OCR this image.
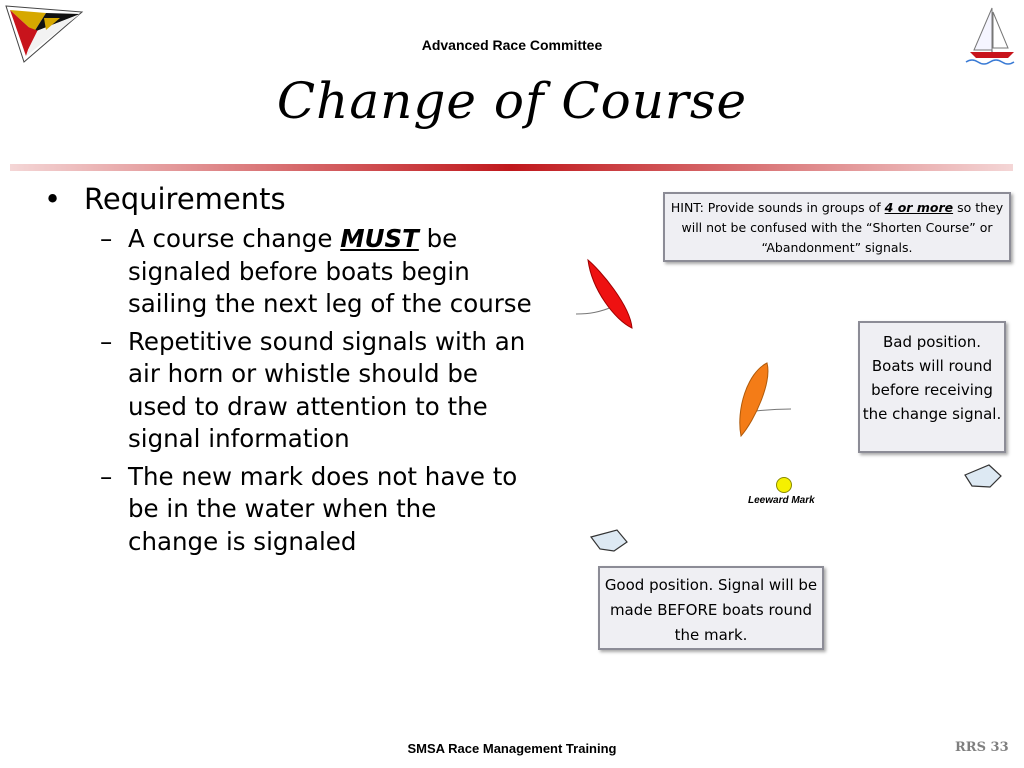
Advanced Race Committee
Change of Course
• Requirements
– A course change MUST be signaled before boats begin sailing the next leg of the course
– Repetitive sound signals with an air horn or whistle should be used to draw attention to the signal information
– The new mark does not have to be in the water when the change is signaled
Leeward Mark
HINT: Provide sounds in groups of 4 or more so they will not be confused with the “Shorten Course” or “Abandonment” signals.
Bad position. Boats will round before receiving the change signal.
Good position. Signal will be made BEFORE boats round the mark.
SMSA Race Management Training	RRS 33
